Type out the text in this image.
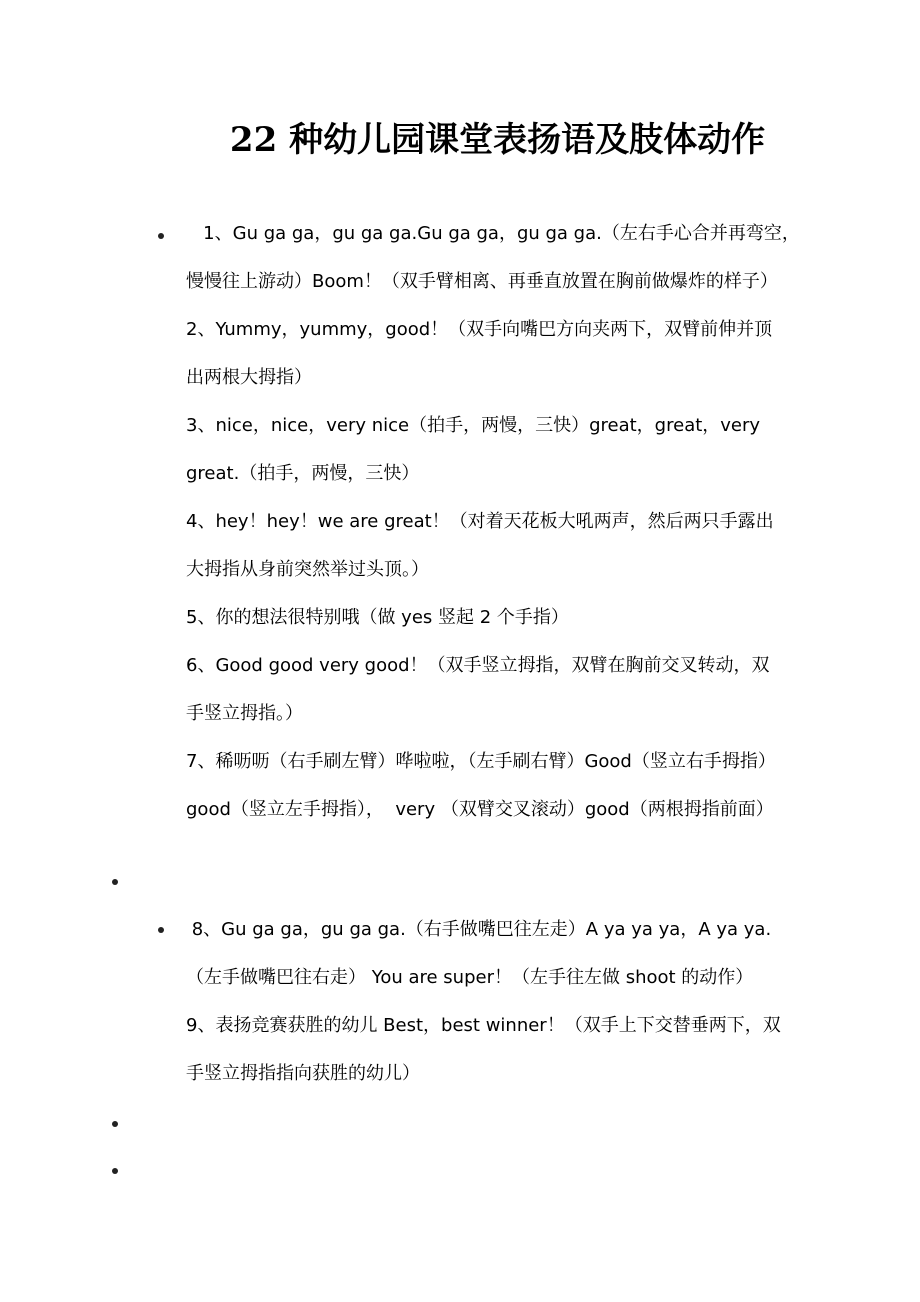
22 种幼儿园课堂表扬语及肢体动作
1、Gu ga ga，gu ga ga.Gu ga ga，gu ga ga.（左右手心合并再弯空，
慢慢往上游动）Boom！（双手臂相离、再垂直放置在胸前做爆炸的样子）
2、Yummy，yummy，good！（双手向嘴巴方向夹两下，双臂前伸并顶
出两根大拇指）
3、nice，nice，very nice（拍手，两慢，三快）great，great，very
great.（拍手，两慢，三快）
4、hey！hey！we are great！（对着天花板大吼两声，然后两只手露出
大拇指从身前突然举过头顶。）
5、你的想法很特别哦（做 yes 竖起 2 个手指）
6、Good good very good！（双手竖立拇指，双臂在胸前交叉转动，双
手竖立拇指。）
7、稀呖呖（右手刷左臂）哗啦啦，（左手刷右臂）Good（竖立右手拇指）
good（竖立左手拇指），  very （双臂交叉滚动）good（两根拇指前面）
8、Gu ga ga，gu ga ga.（右手做嘴巴往左走）A ya ya ya，A ya ya.
（左手做嘴巴往右走） You are super！（左手往左做 shoot 的动作）
9、表扬竞赛获胜的幼儿 Best，best winner！（双手上下交替垂两下，双
手竖立拇指指向获胜的幼儿）
